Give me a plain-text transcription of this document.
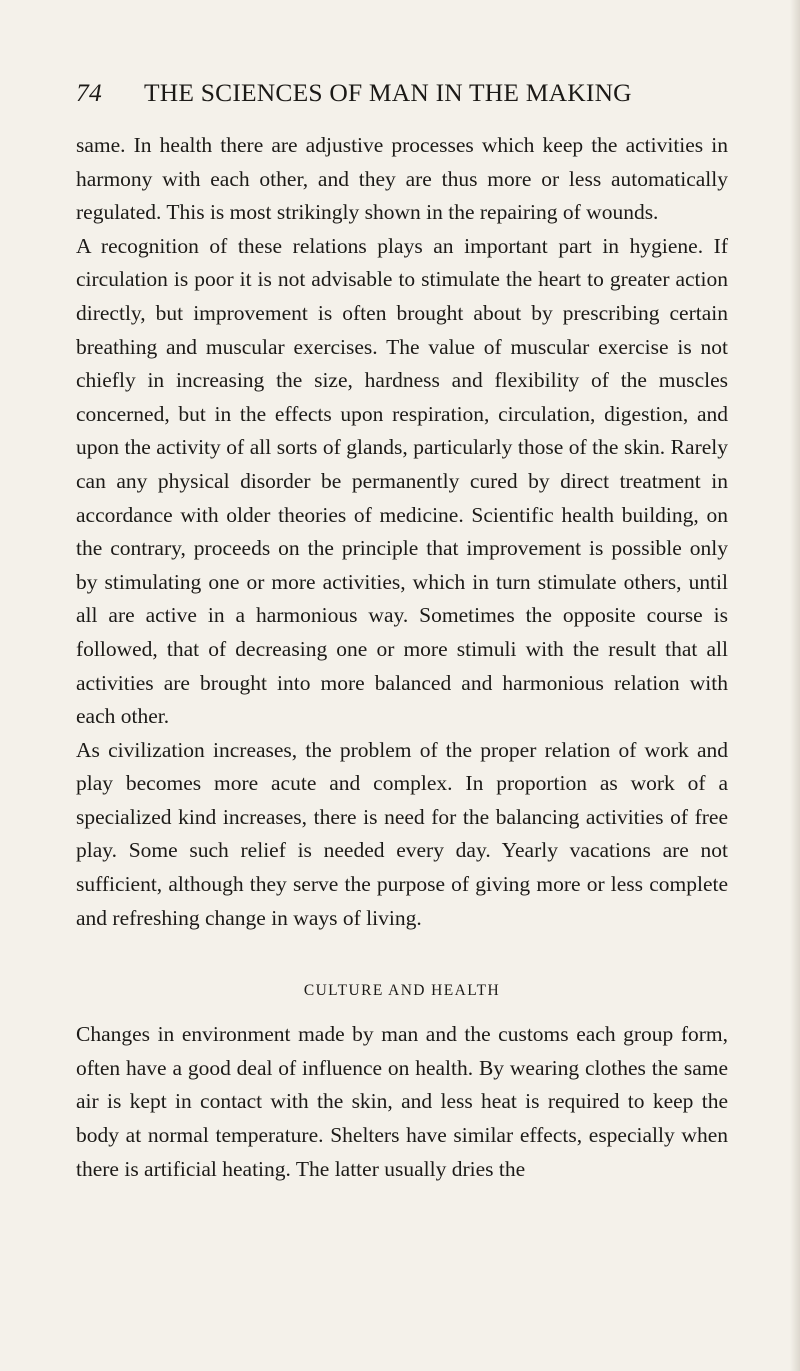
74 THE SCIENCES OF MAN IN THE MAKING

same. In health there are adjustive processes which keep the activities in harmony with each other, and they are thus more or less automatically regulated. This is most strikingly shown in the repairing of wounds.

A recognition of these relations plays an important part in hygiene. If circulation is poor it is not advisable to stimulate the heart to greater action directly, but improvement is often brought about by prescribing certain breathing and muscular exercises. The value of muscular exercise is not chiefly in increasing the size, hardness and flexibility of the muscles concerned, but in the effects upon respiration, circulation, digestion, and upon the activity of all sorts of glands, particularly those of the skin. Rarely can any physical disorder be permanently cured by direct treatment in accordance with older theories of medicine. Scientific health building, on the contrary, proceeds on the principle that improvement is possible only by stimulating one or more activities, which in turn stimulate others, until all are active in a harmonious way. Sometimes the opposite course is followed, that of decreasing one or more stimuli with the result that all activities are brought into more balanced and harmonious relation with each other.

As civilization increases, the problem of the proper relation of work and play becomes more acute and complex. In proportion as work of a specialized kind increases, there is need for the balancing activities of free play. Some such relief is needed every day. Yearly vacations are not sufficient, although they serve the purpose of giving more or less complete and refreshing change in ways of living.

CULTURE AND HEALTH

Changes in environment made by man and the customs each group form, often have a good deal of influence on health. By wearing clothes the same air is kept in contact with the skin, and less heat is required to keep the body at normal temperature. Shelters have similar effects, especially when there is artificial heating. The latter usually dries the
